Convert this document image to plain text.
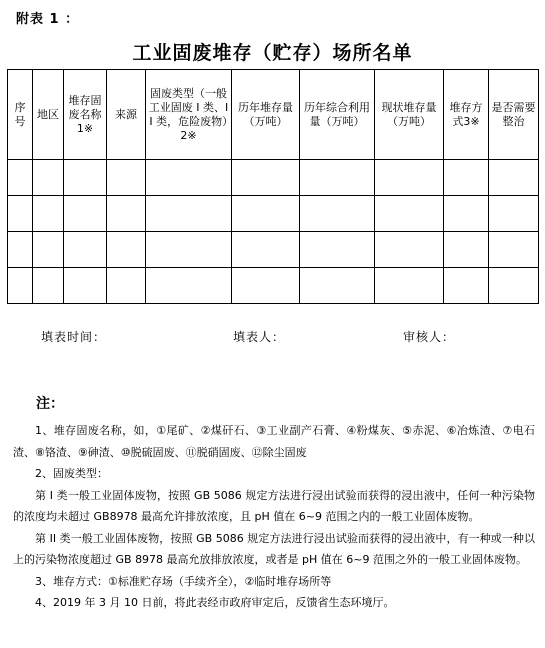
附表 1 ：
工业固废堆存（贮存）场所名单
序号	地区	堆存固废名称1※	来源	固废类型（一般工业固废 I 类、II 类，危险废物）2※	历年堆存量（万吨）	历年综合利用量（万吨）	现状堆存量（万吨）	堆存方式3※	是否需要整治

填表时间：	填表人：	审核人：
注：

1、堆存固废名称，如，①尾矿、②煤矸石、③工业副产石膏、④粉煤灰、⑤赤泥、⑥冶炼渣、⑦电石渣、⑧铬渣、⑨砷渣、⑩脱硫固废、⑪脱硝固废、⑫除尘固废

2、固废类型：

第 I 类一般工业固体废物，按照 GB 5086 规定方法进行浸出试验而获得的浸出液中，任何一种污染物的浓度均未超过 GB8978 最高允许排放浓度，且 pH 值在 6~9 范围之内的一般工业固体废物。

第 II 类一般工业固体废物，按照 GB 5086 规定方法进行浸出试验而获得的浸出液中，有一种或一种以上的污染物浓度超过 GB 8978 最高允放排放浓度，或者是 pH 值在 6~9 范围之外的一般工业固体废物。

3、堆存方式：①标准贮存场（手续齐全），②临时堆存场所等

4、2019 年 3 月 10 日前，将此表经市政府审定后，反馈省生态环境厅。
